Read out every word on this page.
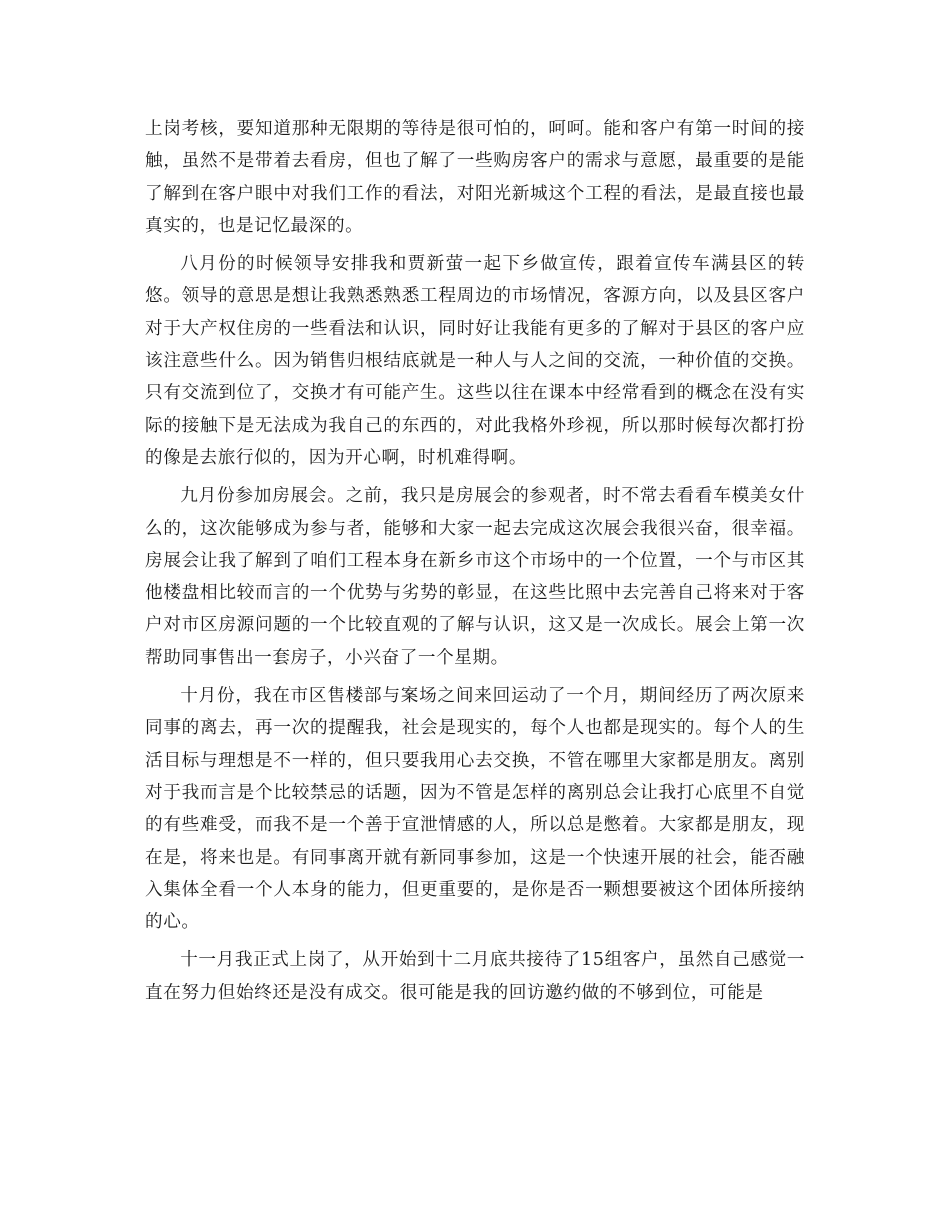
上岗考核，要知道那种无限期的等待是很可怕的，呵呵。能和客户有第一时间的接触，虽然不是带着去看房，但也了解了一些购房客户的需求与意愿，最重要的是能了解到在客户眼中对我们工作的看法，对阳光新城这个工程的看法，是最直接也最真实的，也是记忆最深的。

八月份的时候领导安排我和贾新萤一起下乡做宣传，跟着宣传车满县区的转悠。领导的意思是想让我熟悉熟悉工程周边的市场情况，客源方向，以及县区客户对于大产权住房的一些看法和认识，同时好让我能有更多的了解对于县区的客户应该注意些什么。因为销售归根结底就是一种人与人之间的交流，一种价值的交换。只有交流到位了，交换才有可能产生。这些以往在课本中经常看到的概念在没有实际的接触下是无法成为我自己的东西的，对此我格外珍视，所以那时候每次都打扮的像是去旅行似的，因为开心啊，时机难得啊。

九月份参加房展会。之前，我只是房展会的参观者，时不常去看看车模美女什么的，这次能够成为参与者，能够和大家一起去完成这次展会我很兴奋，很幸福。房展会让我了解到了咱们工程本身在新乡市这个市场中的一个位置，一个与市区其他楼盘相比较而言的一个优势与劣势的彰显，在这些比照中去完善自己将来对于客户对市区房源问题的一个比较直观的了解与认识，这又是一次成长。展会上第一次帮助同事售出一套房子，小兴奋了一个星期。

十月份，我在市区售楼部与案场之间来回运动了一个月，期间经历了两次原来同事的离去，再一次的提醒我，社会是现实的，每个人也都是现实的。每个人的生活目标与理想是不一样的，但只要我用心去交换，不管在哪里大家都是朋友。离别对于我而言是个比较禁忌的话题，因为不管是怎样的离别总会让我打心底里不自觉的有些难受，而我不是一个善于宣泄情感的人，所以总是憋着。大家都是朋友，现在是，将来也是。有同事离开就有新同事参加，这是一个快速开展的社会，能否融入集体全看一个人本身的能力，但更重要的，是你是否一颗想要被这个团体所接纳的心。

十一月我正式上岗了，从开始到十二月底共接待了15组客户，虽然自己感觉一直在努力但始终还是没有成交。很可能是我的回访邀约做的不够到位，可能是
